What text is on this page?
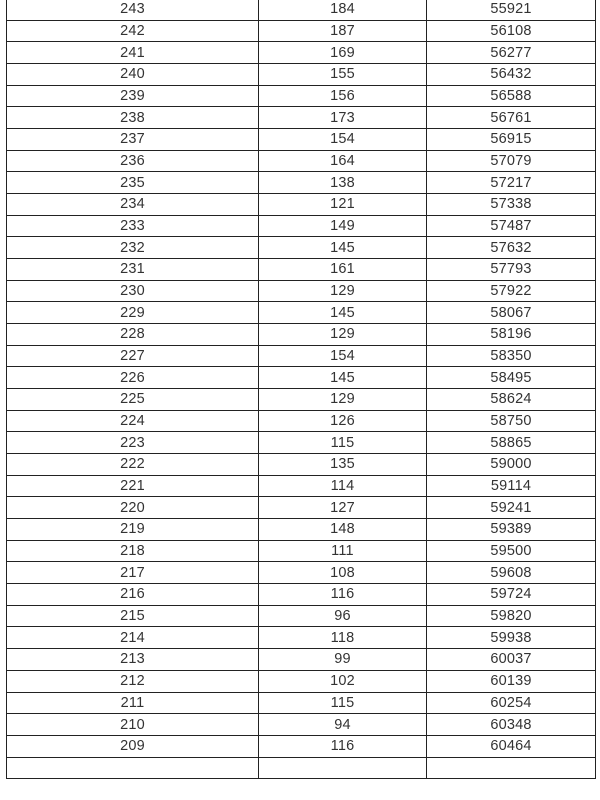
243	184	55921
242	187	56108
241	169	56277
240	155	56432
239	156	56588
238	173	56761
237	154	56915
236	164	57079
235	138	57217
234	121	57338
233	149	57487
232	145	57632
231	161	57793
230	129	57922
229	145	58067
228	129	58196
227	154	58350
226	145	58495
225	129	58624
224	126	58750
223	115	58865
222	135	59000
221	114	59114
220	127	59241
219	148	59389
218	111	59500
217	108	59608
216	116	59724
215	96	59820
214	118	59938
213	99	60037
212	102	60139
211	115	60254
210	94	60348
209	116	60464
